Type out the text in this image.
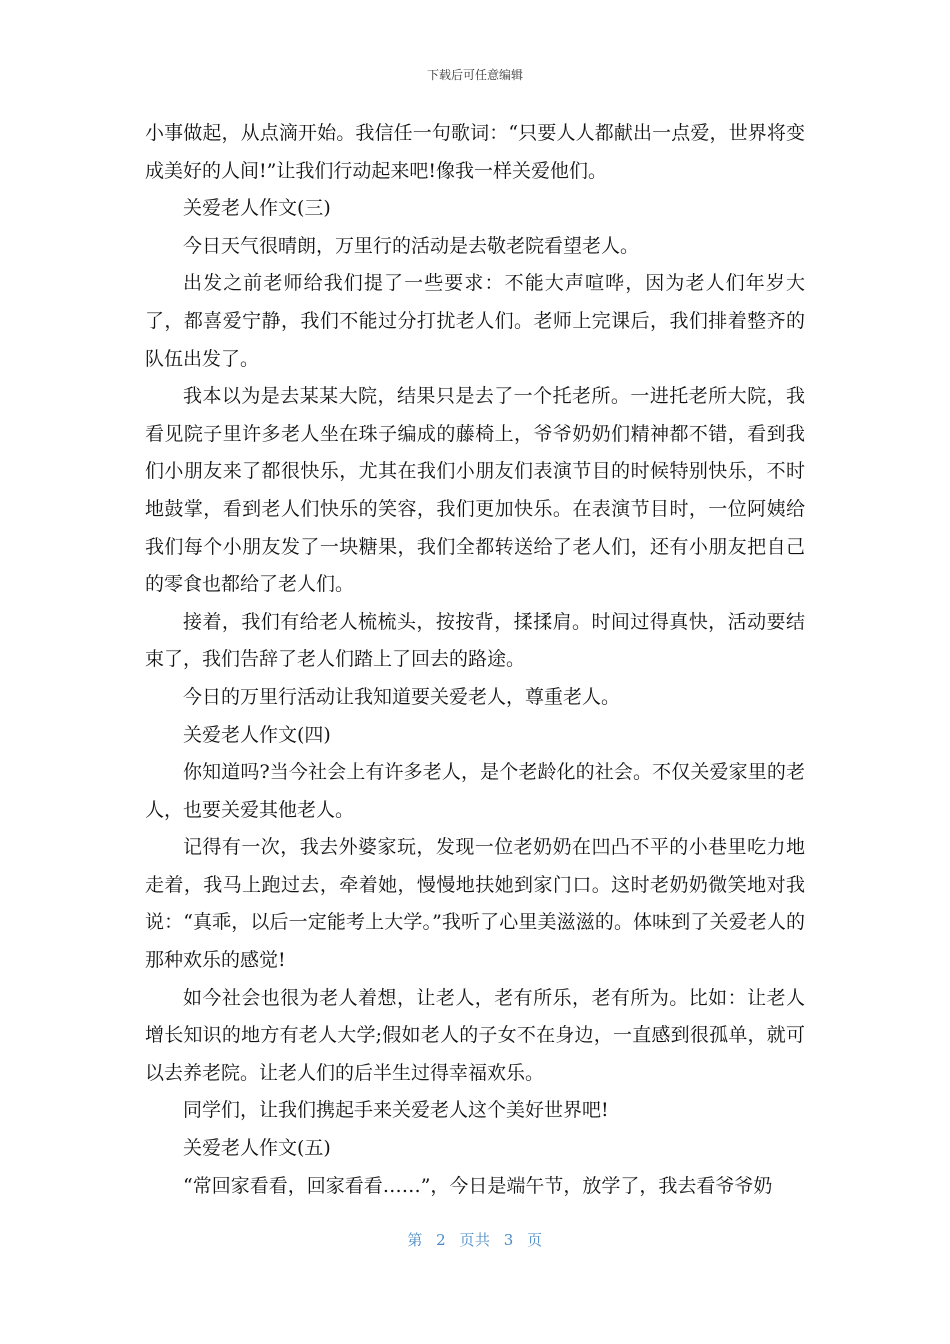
下载后可任意编辑

小事做起，从点滴开始。我信任一句歌词：“只要人人都献出一点爱，世界将变成美好的人间!”让我们行动起来吧!像我一样关爱他们。

关爱老人作文(三)

今日天气很晴朗，万里行的活动是去敬老院看望老人。

出发之前老师给我们提了一些要求：不能大声喧哗，因为老人们年岁大了，都喜爱宁静，我们不能过分打扰老人们。老师上完课后，我们排着整齐的队伍出发了。

我本以为是去某某大院，结果只是去了一个托老所。一进托老所大院，我看见院子里许多老人坐在珠子编成的藤椅上，爷爷奶奶们精神都不错，看到我们小朋友来了都很快乐，尤其在我们小朋友们表演节目的时候特别快乐，不时地鼓掌，看到老人们快乐的笑容，我们更加快乐。在表演节目时，一位阿姨给我们每个小朋友发了一块糖果，我们全都转送给了老人们，还有小朋友把自己的零食也都给了老人们。

接着，我们有给老人梳梳头，按按背，揉揉肩。时间过得真快，活动要结束了，我们告辞了老人们踏上了回去的路途。

今日的万里行活动让我知道要关爱老人，尊重老人。

关爱老人作文(四)

你知道吗?当今社会上有许多老人，是个老龄化的社会。不仅关爱家里的老人，也要关爱其他老人。

记得有一次，我去外婆家玩，发现一位老奶奶在凹凸不平的小巷里吃力地走着，我马上跑过去，牵着她，慢慢地扶她到家门口。这时老奶奶微笑地对我说：“真乖，以后一定能考上大学。”我听了心里美滋滋的。体味到了关爱老人的那种欢乐的感觉!

如今社会也很为老人着想，让老人，老有所乐，老有所为。比如：让老人增长知识的地方有老人大学;假如老人的子女不在身边，一直感到很孤单，就可以去养老院。让老人们的后半生过得幸福欢乐。

同学们，让我们携起手来关爱老人这个美好世界吧!

关爱老人作文(五)

“常回家看看，回家看看……”，今日是端午节，放学了，我去看爷爷奶

第 2 页共 3 页
